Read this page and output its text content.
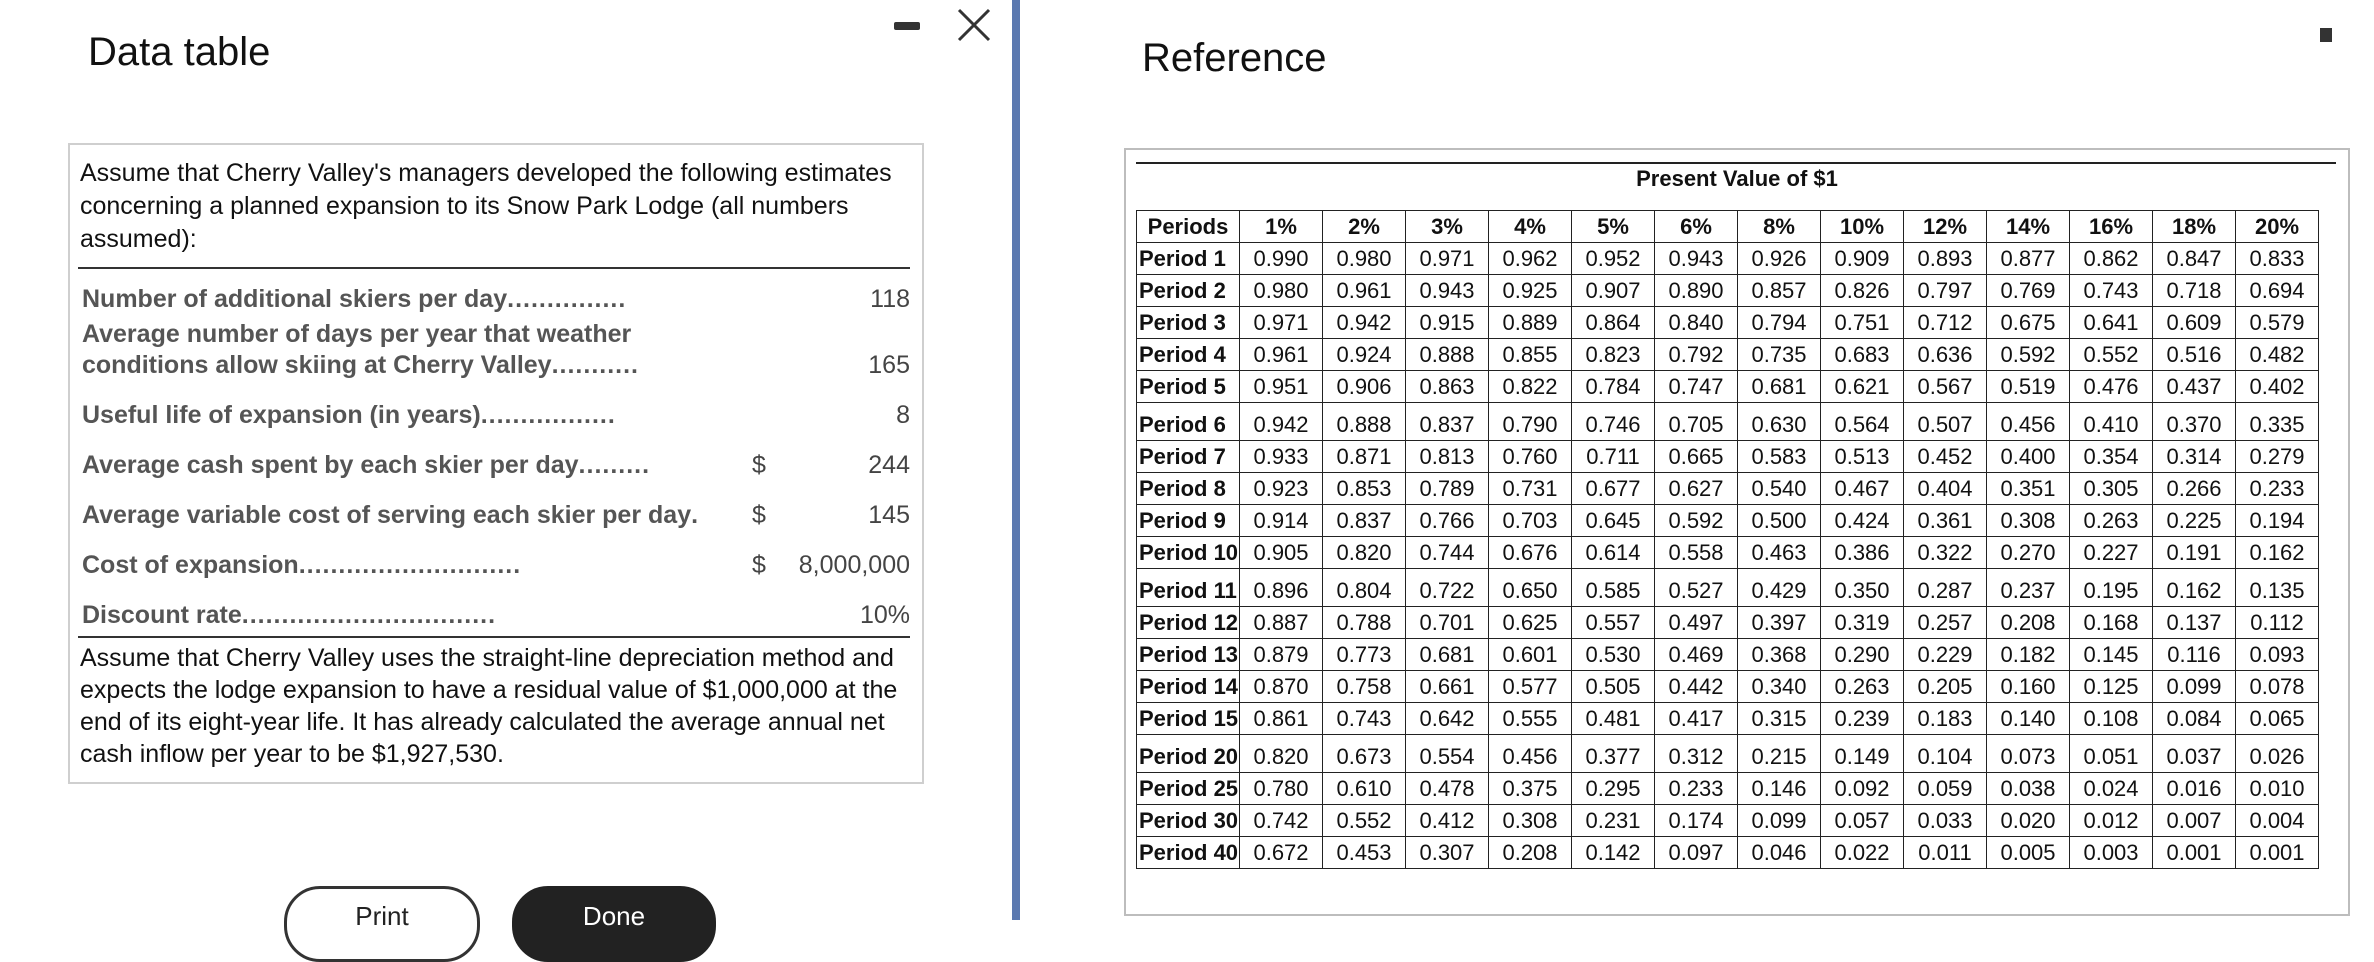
Data table
Assume that Cherry Valley's managers developed the following estimates concerning a planned expansion to its Snow Park Lodge (all numbers assumed):
Number of additional skiers per day...............	118
Average number of days per year that weather
conditions allow skiing at Cherry Valley...........	165
Useful life of expansion (in years).................	8
Average cash spent by each skier per day.........	$	244
Average variable cost of serving each skier per day. $	145
Cost of expansion............................	$ 8,000,000
Discount rate................................	10%
Assume that Cherry Valley uses the straight-line depreciation method and expects the lodge expansion to have a residual value of $1,000,000 at the end of its eight-year life. It has already calculated the average annual net cash inflow per year to be $1,927,530.
Print	Done
Reference
Present Value of $1
Periods	1%	2%	3%	4%	5%	6%	8%	10%	12%	14%	16%	18%	20%
Period 1	0.990	0.980	0.971	0.962	0.952	0.943	0.926	0.909	0.893	0.877	0.862	0.847	0.833
Period 2	0.980	0.961	0.943	0.925	0.907	0.890	0.857	0.826	0.797	0.769	0.743	0.718	0.694
Period 3	0.971	0.942	0.915	0.889	0.864	0.840	0.794	0.751	0.712	0.675	0.641	0.609	0.579
Period 4	0.961	0.924	0.888	0.855	0.823	0.792	0.735	0.683	0.636	0.592	0.552	0.516	0.482
Period 5	0.951	0.906	0.863	0.822	0.784	0.747	0.681	0.621	0.567	0.519	0.476	0.437	0.402
Period 6	0.942	0.888	0.837	0.790	0.746	0.705	0.630	0.564	0.507	0.456	0.410	0.370	0.335
Period 7	0.933	0.871	0.813	0.760	0.711	0.665	0.583	0.513	0.452	0.400	0.354	0.314	0.279
Period 8	0.923	0.853	0.789	0.731	0.677	0.627	0.540	0.467	0.404	0.351	0.305	0.266	0.233
Period 9	0.914	0.837	0.766	0.703	0.645	0.592	0.500	0.424	0.361	0.308	0.263	0.225	0.194
Period 10	0.905	0.820	0.744	0.676	0.614	0.558	0.463	0.386	0.322	0.270	0.227	0.191	0.162
Period 11	0.896	0.804	0.722	0.650	0.585	0.527	0.429	0.350	0.287	0.237	0.195	0.162	0.135
Period 12	0.887	0.788	0.701	0.625	0.557	0.497	0.397	0.319	0.257	0.208	0.168	0.137	0.112
Period 13	0.879	0.773	0.681	0.601	0.530	0.469	0.368	0.290	0.229	0.182	0.145	0.116	0.093
Period 14	0.870	0.758	0.661	0.577	0.505	0.442	0.340	0.263	0.205	0.160	0.125	0.099	0.078
Period 15	0.861	0.743	0.642	0.555	0.481	0.417	0.315	0.239	0.183	0.140	0.108	0.084	0.065
Period 20	0.820	0.673	0.554	0.456	0.377	0.312	0.215	0.149	0.104	0.073	0.051	0.037	0.026
Period 25	0.780	0.610	0.478	0.375	0.295	0.233	0.146	0.092	0.059	0.038	0.024	0.016	0.010
Period 30	0.742	0.552	0.412	0.308	0.231	0.174	0.099	0.057	0.033	0.020	0.012	0.007	0.004
Period 40	0.672	0.453	0.307	0.208	0.142	0.097	0.046	0.022	0.011	0.005	0.003	0.001	0.001
